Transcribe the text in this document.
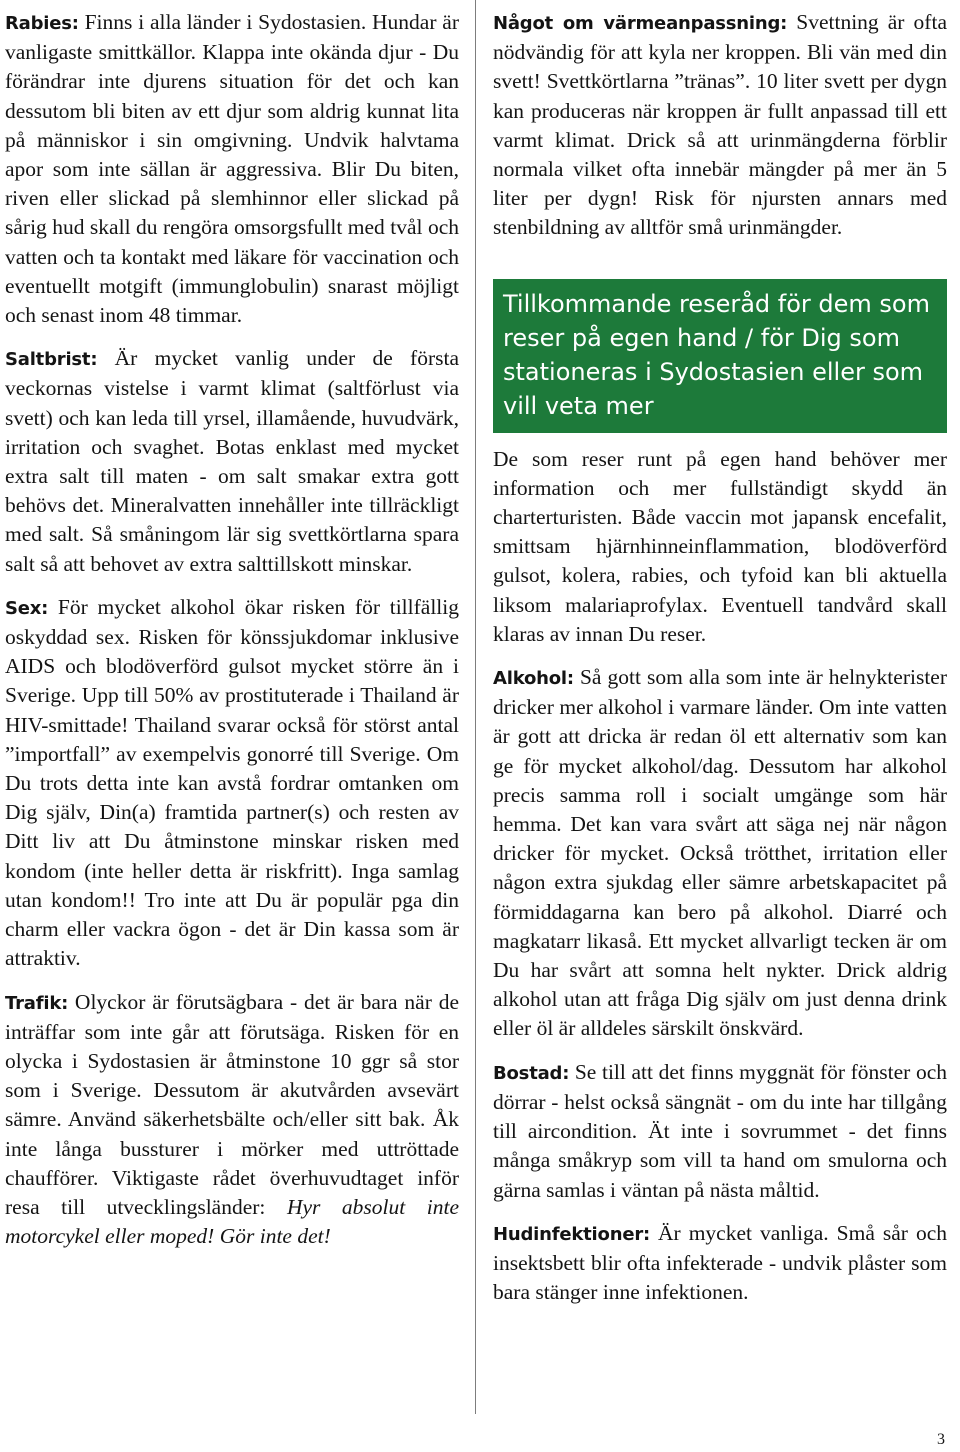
Rabies: Finns i alla länder i Sydostasien. Hundar är vanligaste smittkällor. Klappa inte okända djur - Du förändrar inte djurens situation för det och kan dessutom bli biten av ett djur som aldrig kunnat lita på människor i sin omgivning. Undvik halvtama apor som inte sällan är aggressiva. Blir Du biten, riven eller slickad på slemhinnor eller slickad på sårig hud skall du rengöra omsorgsfullt med tvål och vatten och ta kontakt med läkare för vaccination och eventuellt motgift (immunglobulin) snarast möjligt och senast inom 48 timmar.

Saltbrist: Är mycket vanlig under de första veckornas vistelse i varmt klimat (saltförlust via svett) och kan leda till yrsel, illamående, huvudvärk, irritation och svaghet. Botas enklast med mycket extra salt till maten - om salt smakar extra gott behövs det. Mineralvatten innehåller inte tillräckligt med salt. Så småningom lär sig svettkörtlarna spara salt så att behovet av extra salttillskott minskar.

Sex: För mycket alkohol ökar risken för tillfällig oskyddad sex. Risken för könssjukdomar inklusive AIDS och blodöverförd gulsot mycket större än i Sverige. Upp till 50% av prostituterade i Thailand är HIV-smittade! Thailand svarar också för störst antal ”importfall” av exempelvis gonorré till Sverige. Om Du trots detta inte kan avstå fordrar omtanken om Dig själv, Din(a) framtida partner(s) och resten av Ditt liv att Du åtminstone minskar risken med kondom (inte heller detta är riskfritt). Inga samlag utan kondom!! Tro inte att Du är populär pga din charm eller vackra ögon - det är Din kassa som är attraktiv.

Trafik: Olyckor är förutsägbara - det är bara när de inträffar som inte går att förutsäga. Risken för en olycka i Sydostasien är åtminstone 10 ggr så stor som i Sverige. Dessutom är akutvården avsevärt sämre. Använd säkerhetsbälte och/eller sitt bak. Åk inte långa bussturer i mörker med uttröttade chaufförer. Viktigaste rådet överhuvudtaget inför resa till utvecklingsländer: Hyr absolut inte motorcykel eller moped! Gör inte det!

Något om värmeanpassning: Svettning är ofta nödvändig för att kyla ner kroppen. Bli vän med din svett! Svettkörtlarna ”tränas”. 10 liter svett per dygn kan produceras när kroppen är fullt anpassad till ett varmt klimat. Drick så att urinmängderna förblir normala vilket ofta innebär mängder på mer än 5 liter per dygn! Risk för njursten annars med stenbildning av alltför små urinmängder.

Tillkommande reseråd för dem som reser på egen hand / för Dig som stationeras i Sydostasien eller som vill veta mer

De som reser runt på egen hand behöver mer information och mer fullständigt skydd än charterturisten. Både vaccin mot japansk encefalit, smittsam hjärnhinneinflammation, blodöverförd gulsot, kolera, rabies, och tyfoid kan bli aktuella liksom malariaprofylax. Eventuell tandvård skall klaras av innan Du reser.

Alkohol: Så gott som alla som inte är helnykterister dricker mer alkohol i varmare länder. Om inte vatten är gott att dricka är redan öl ett alternativ som kan ge för mycket alkohol/dag. Dessutom har alkohol precis samma roll i socialt umgänge som här hemma. Det kan vara svårt att säga nej när någon dricker för mycket. Också trötthet, irritation eller någon extra sjukdag eller sämre arbetskapacitet på förmiddagarna kan bero på alkohol. Diarré och magkatarr likaså. Ett mycket allvarligt tecken är om Du har svårt att somna helt nykter. Drick aldrig alkohol utan att fråga Dig själv om just denna drink eller öl är alldeles särskilt önskvärd.

Bostad: Se till att det finns myggnät för fönster och dörrar - helst också sängnät - om du inte har tillgång till aircondition. Ät inte i sovrummet - det finns många småkryp som vill ta hand om smulorna och gärna samlas i väntan på nästa måltid.

Hudinfektioner: Är mycket vanliga. Små sår och insektsbett blir ofta infekterade - undvik plåster som bara stänger inne infektionen.

3
